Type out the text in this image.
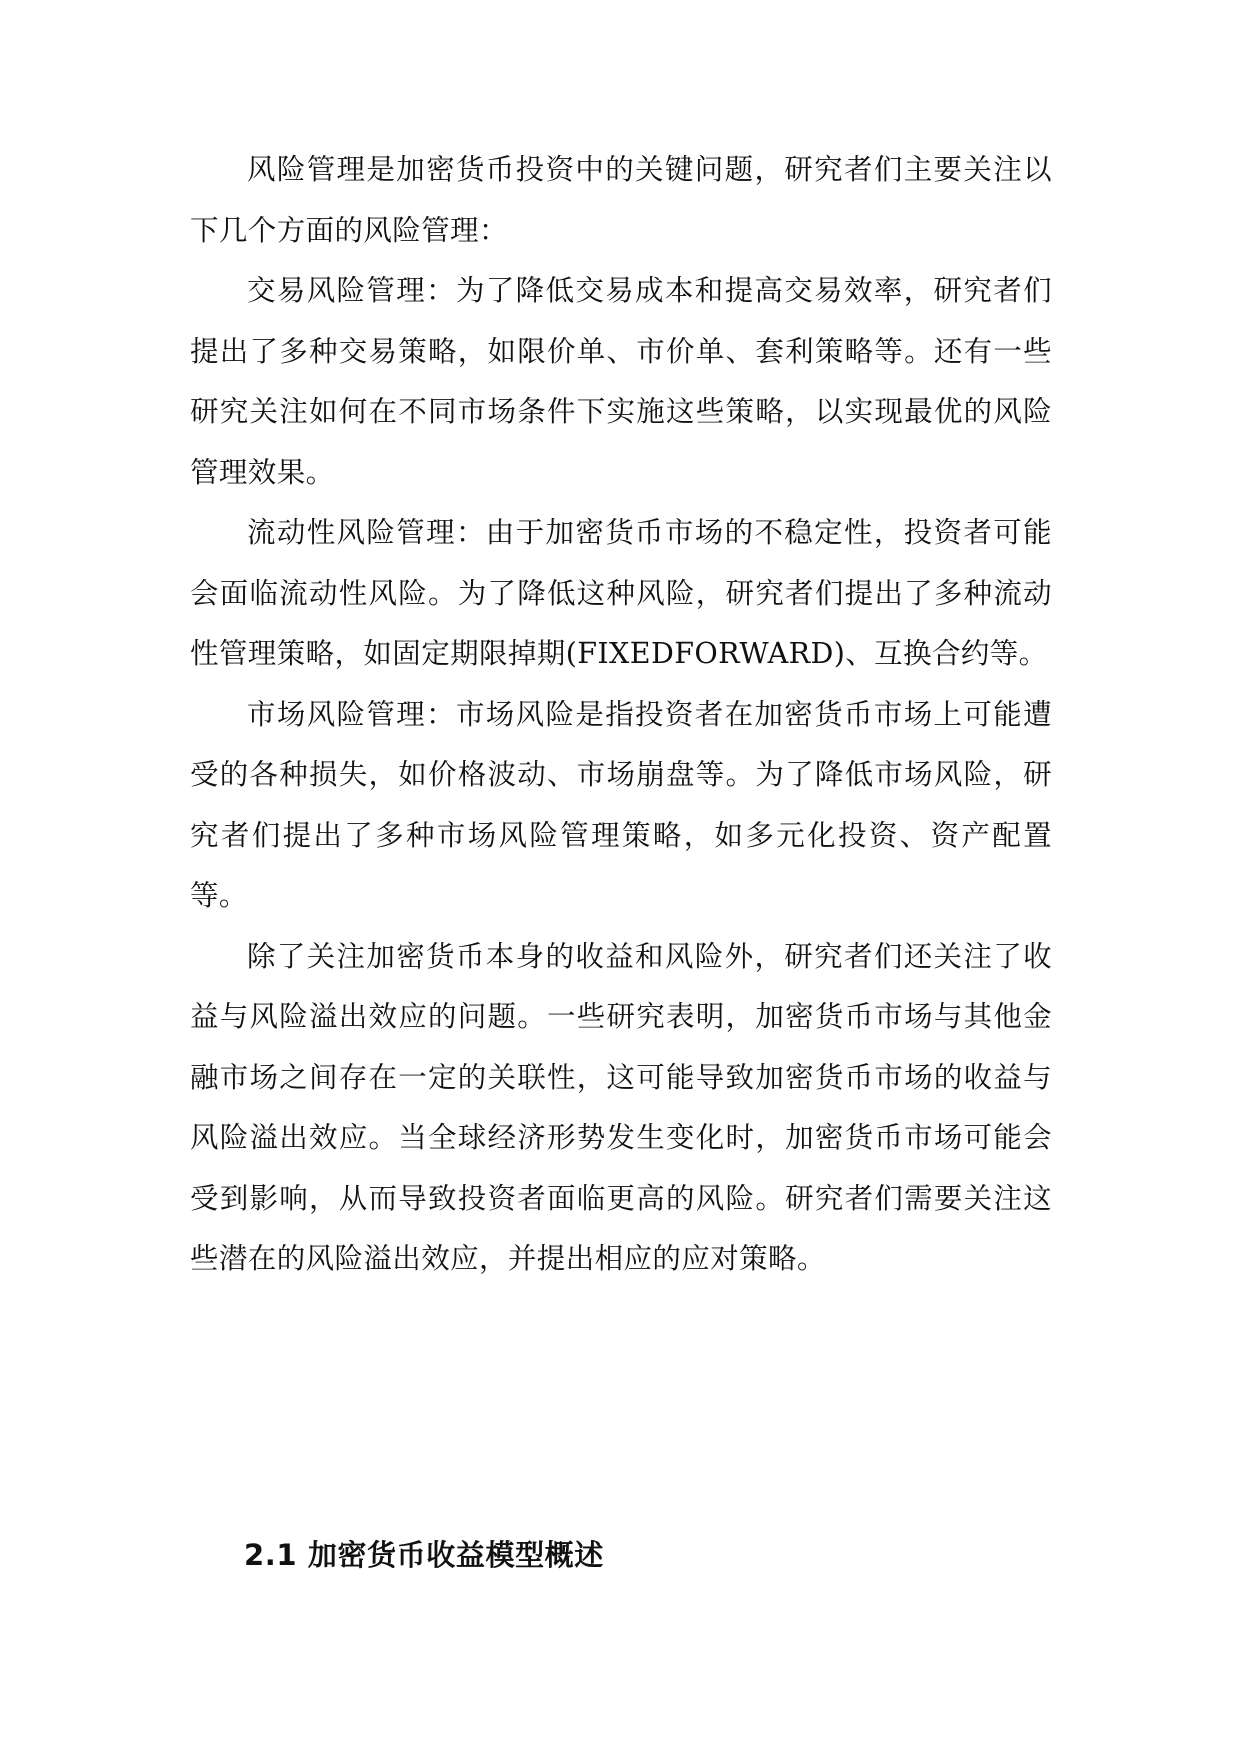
风险管理是加密货币投资中的关键问题，研究者们主要关注以下几个方面的风险管理：

交易风险管理：为了降低交易成本和提高交易效率，研究者们提出了多种交易策略，如限价单、市价单、套利策略等。还有一些研究关注如何在不同市场条件下实施这些策略，以实现最优的风险管理效果。

流动性风险管理：由于加密货币市场的不稳定性，投资者可能会面临流动性风险。为了降低这种风险，研究者们提出了多种流动性管理策略，如固定期限掉期(FIXEDFORWARD)、互换合约等。

市场风险管理：市场风险是指投资者在加密货币市场上可能遭受的各种损失，如价格波动、市场崩盘等。为了降低市场风险，研究者们提出了多种市场风险管理策略，如多元化投资、资产配置等。

除了关注加密货币本身的收益和风险外，研究者们还关注了收益与风险溢出效应的问题。一些研究表明，加密货币市场与其他金融市场之间存在一定的关联性，这可能导致加密货币市场的收益与风险溢出效应。当全球经济形势发生变化时，加密货币市场可能会受到影响，从而导致投资者面临更高的风险。研究者们需要关注这些潜在的风险溢出效应，并提出相应的应对策略。

2.1 加密货币收益模型概述
